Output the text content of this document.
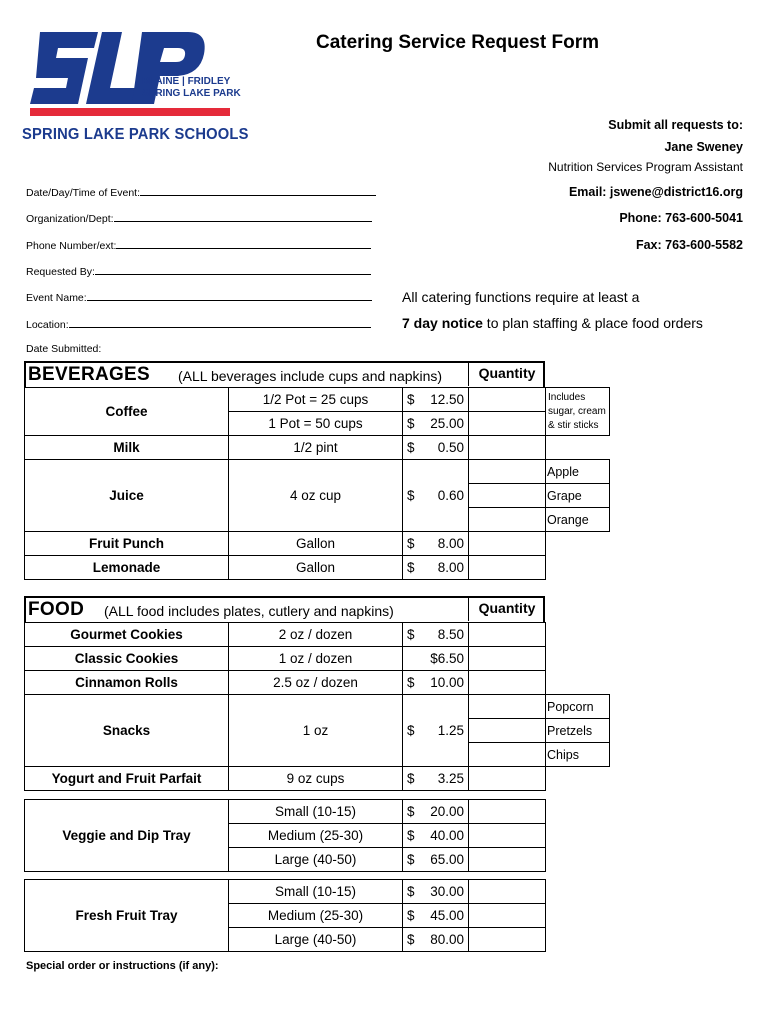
BLAINE | FRIDLEY
SPRING LAKE PARK
SPRING LAKE PARK SCHOOLS
Catering Service Request Form
Submit all requests to:
Jane Sweney
Nutrition Services Program Assistant
Email: jswene@district16.org
Phone: 763-600-5041
Fax: 763-600-5582
Date/Day/Time of Event:
Organization/Dept:
Phone Number/ext:
Requested By:
Event Name:
Location:
Date Submitted:
All catering functions require at least a
7 day notice to plan staffing & place food orders
BEVERAGES (ALL beverages include cups and napkins)	Quantity
Coffee	1/2 Pot = 25 cups	$ 12.50		Includes sugar, cream & stir sticks
	1 Pot = 50 cups	$ 25.00		

Milk	1/2 pint	$ 0.50		

Juice	4 oz cup	$ 0.60		Apple
				Grape
				Orange
Fruit Punch	Gallon	$ 8.00		

Lemonade	Gallon	$ 8.00		

FOOD (ALL food includes plates, cutlery and napkins)	Quantity
Gourmet Cookies	2 oz / dozen	$ 8.50		

Classic Cookies	1 oz / dozen	$6.50		
Cinnamon Rolls	2.5 oz / dozen	$ 10.00		

Snacks	1 oz	$ 1.25		Popcorn
				Pretzels
				Chips
Yogurt and Fruit Parfait	9 oz cups	$ 3.25		

Veggie and Dip Tray	Small (10-15)	$ 20.00	

	Medium (25-30)	$ 40.00	

	Large (40-50)	$ 65.00	

Fresh Fruit Tray	Small (10-15)	$ 30.00	

	Medium (25-30)	$ 45.00	

	Large (40-50)	$ 80.00	

Special order or instructions (if any):
